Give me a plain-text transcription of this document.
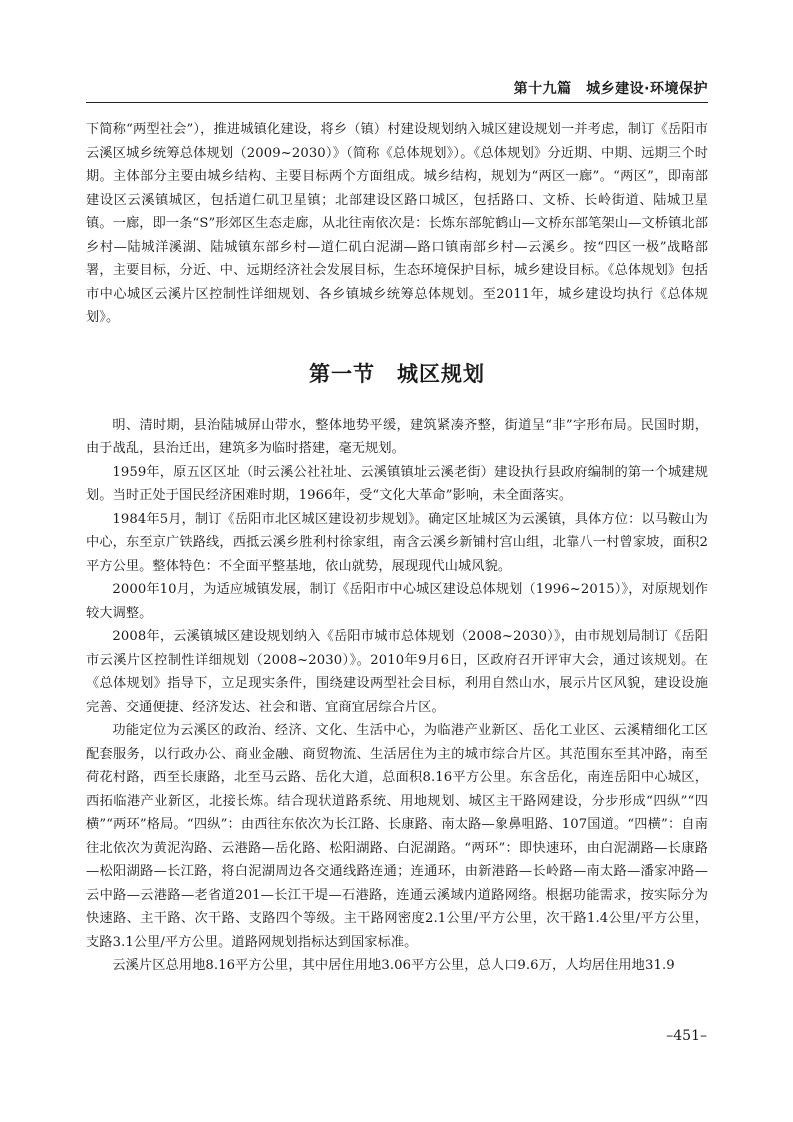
第十九篇　城乡建设·环境保护

下简称“两型社会”），推进城镇化建设，将乡（镇）村建设规划纳入城区建设规划一并考虑，制订《岳阳市云溪区城乡统筹总体规划（2009~2030）》（简称《总体规划》）。《总体规划》分近期、中期、远期三个时期。主体部分主要由城乡结构、主要目标两个方面组成。城乡结构，规划为“两区一廊”。“两区”，即南部建设区云溪镇城区，包括道仁矶卫星镇；北部建设区路口城区，包括路口、文桥、长岭街道、陆城卫星镇。一廊，即一条“S”形郊区生态走廊，从北往南依次是：长炼东部鸵鹤山—文桥东部笔架山—文桥镇北部乡村—陆城洋溪湖、陆城镇东部乡村—道仁矶白泥湖—路口镇南部乡村—云溪乡。按“四区一极”战略部署，主要目标，分近、中、远期经济社会发展目标，生态环境保护目标，城乡建设目标。《总体规划》包括市中心城区云溪片区控制性详细规划、各乡镇城乡统筹总体规划。至2011年，城乡建设均执行《总体规划》。

第一节　城区规划

明、清时期，县治陆城屏山带水，整体地势平缓，建筑紧凑齐整，街道呈“非”字形布局。民国时期，由于战乱，县治迁出，建筑多为临时搭建，毫无规划。

1959年，原五区区址（时云溪公社社址、云溪镇镇址云溪老街）建设执行县政府编制的第一个城建规划。当时正处于国民经济困难时期，1966年，受“文化大革命”影响，未全面落实。

1984年5月，制订《岳阳市北区城区建设初步规划》。确定区址城区为云溪镇，具体方位：以马鞍山为中心，东至京广铁路线，西抵云溪乡胜利村徐家组，南含云溪乡新铺村宫山组，北靠八一村曾家坡，面积2平方公里。整体特色：不全面平整基地，依山就势，展现现代山城风貌。

2000年10月，为适应城镇发展，制订《岳阳市中心城区建设总体规划（1996~2015）》，对原规划作较大调整。

2008年，云溪镇城区建设规划纳入《岳阳市城市总体规划（2008~2030）》，由市规划局制订《岳阳市云溪片区控制性详细规划（2008~2030）》。2010年9月6日，区政府召开评审大会，通过该规划。在《总体规划》指导下，立足现实条件，围绕建设两型社会目标，利用自然山水，展示片区风貌，建设设施完善、交通便捷、经济发达、社会和谐、宜商宜居综合片区。

功能定位为云溪区的政治、经济、文化、生活中心，为临港产业新区、岳化工业区、云溪精细化工区配套服务，以行政办公、商业金融、商贸物流、生活居住为主的城市综合片区。其范围东至其冲路，南至荷花村路，西至长康路，北至马云路、岳化大道，总面积8.16平方公里。东含岳化，南连岳阳中心城区，西拓临港产业新区，北接长炼。结合现状道路系统、用地规划、城区主干路网建设，分步形成“四纵”“四横”“两环”格局。“四纵”：由西往东依次为长江路、长康路、南太路—象鼻咀路、107国道。“四横”：自南往北依次为黄泥沟路、云港路—岳化路、松阳湖路、白泥湖路。“两环”：即快速环，由白泥湖路—长康路—松阳湖路—长江路，将白泥湖周边各交通线路连通；连通环，由新港路—长岭路—南太路—潘家冲路—云中路—云港路—老省道201—长江干堤—石港路，连通云溪域内道路网络。根据功能需求，按实际分为快速路、主干路、次干路、支路四个等级。主干路网密度2.1公里/平方公里，次干路1.4公里/平方公里，支路3.1公里/平方公里。道路网规划指标达到国家标准。

云溪片区总用地8.16平方公里，其中居住用地3.06平方公里，总人口9.6万，人均居住用地31.9

–451–
